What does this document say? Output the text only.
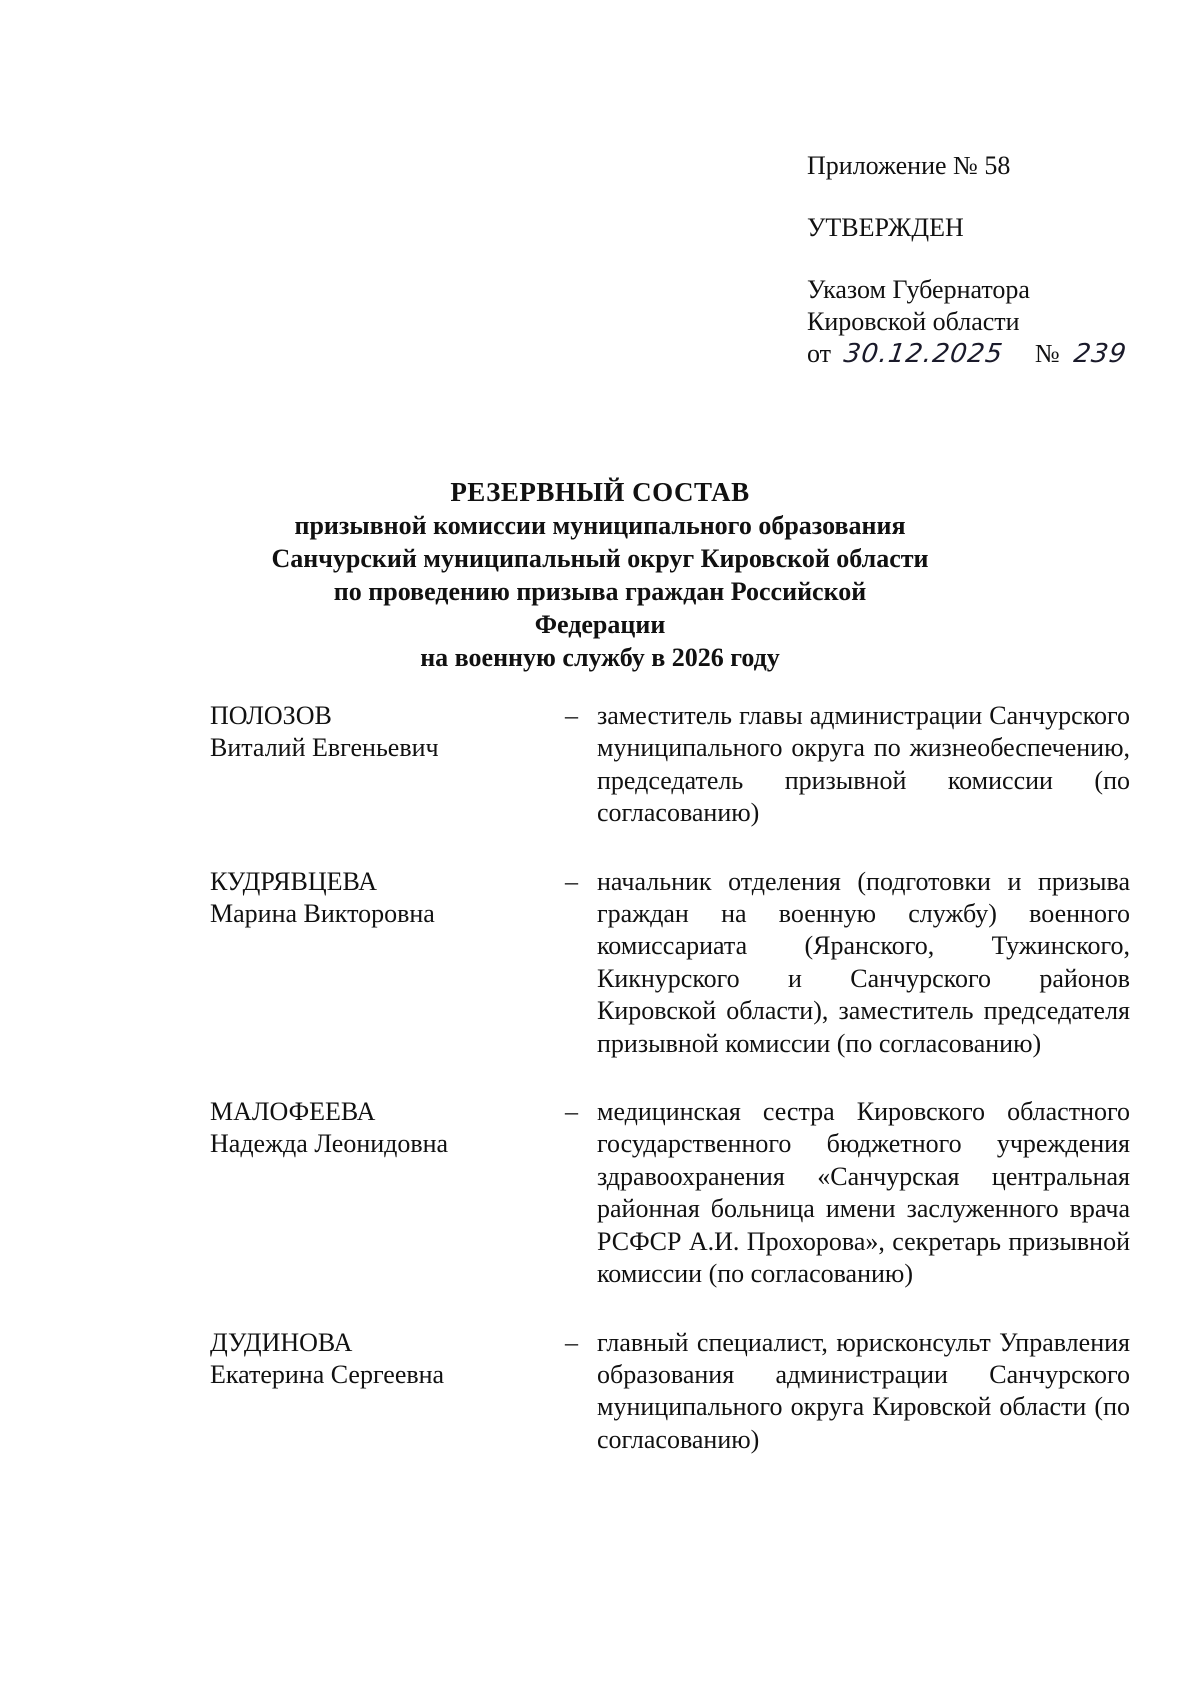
Приложение № 58
УТВЕРЖДЕН
Указом Губернатора
Кировской области
от 30.12.2025 № 239
РЕЗЕРВНЫЙ СОСТАВ
призывной комиссии муниципального образования
Санчурский муниципальный округ Кировской области
по проведению призыва граждан Российской Федерации
на военную службу в 2026 году
ПОЛОЗОВ
Виталий Евгеньевич
– заместитель главы администрации Санчурского муниципального округа по жизнеобеспечению, председатель призывной комиссии (по согласованию)
КУДРЯВЦЕВА
Марина Викторовна
– начальник отделения (подготовки и призыва граждан на военную службу) военного комиссариата (Яранского, Тужинского, Кикнурского и Санчурского районов Кировской области), заместитель председателя призывной комиссии (по согласованию)
МАЛОФЕЕВА
Надежда Леонидовна
– медицинская сестра Кировского областного государственного бюджетного учреждения здравоохранения «Санчурская центральная районная больница имени заслуженного врача РСФСР А.И. Прохорова», секретарь призывной комиссии (по согласованию)
ДУДИНОВА
Екатерина Сергеевна
– главный специалист, юрисконсульт Управления образования администрации Санчурского муниципального округа Кировской области (по согласованию)
